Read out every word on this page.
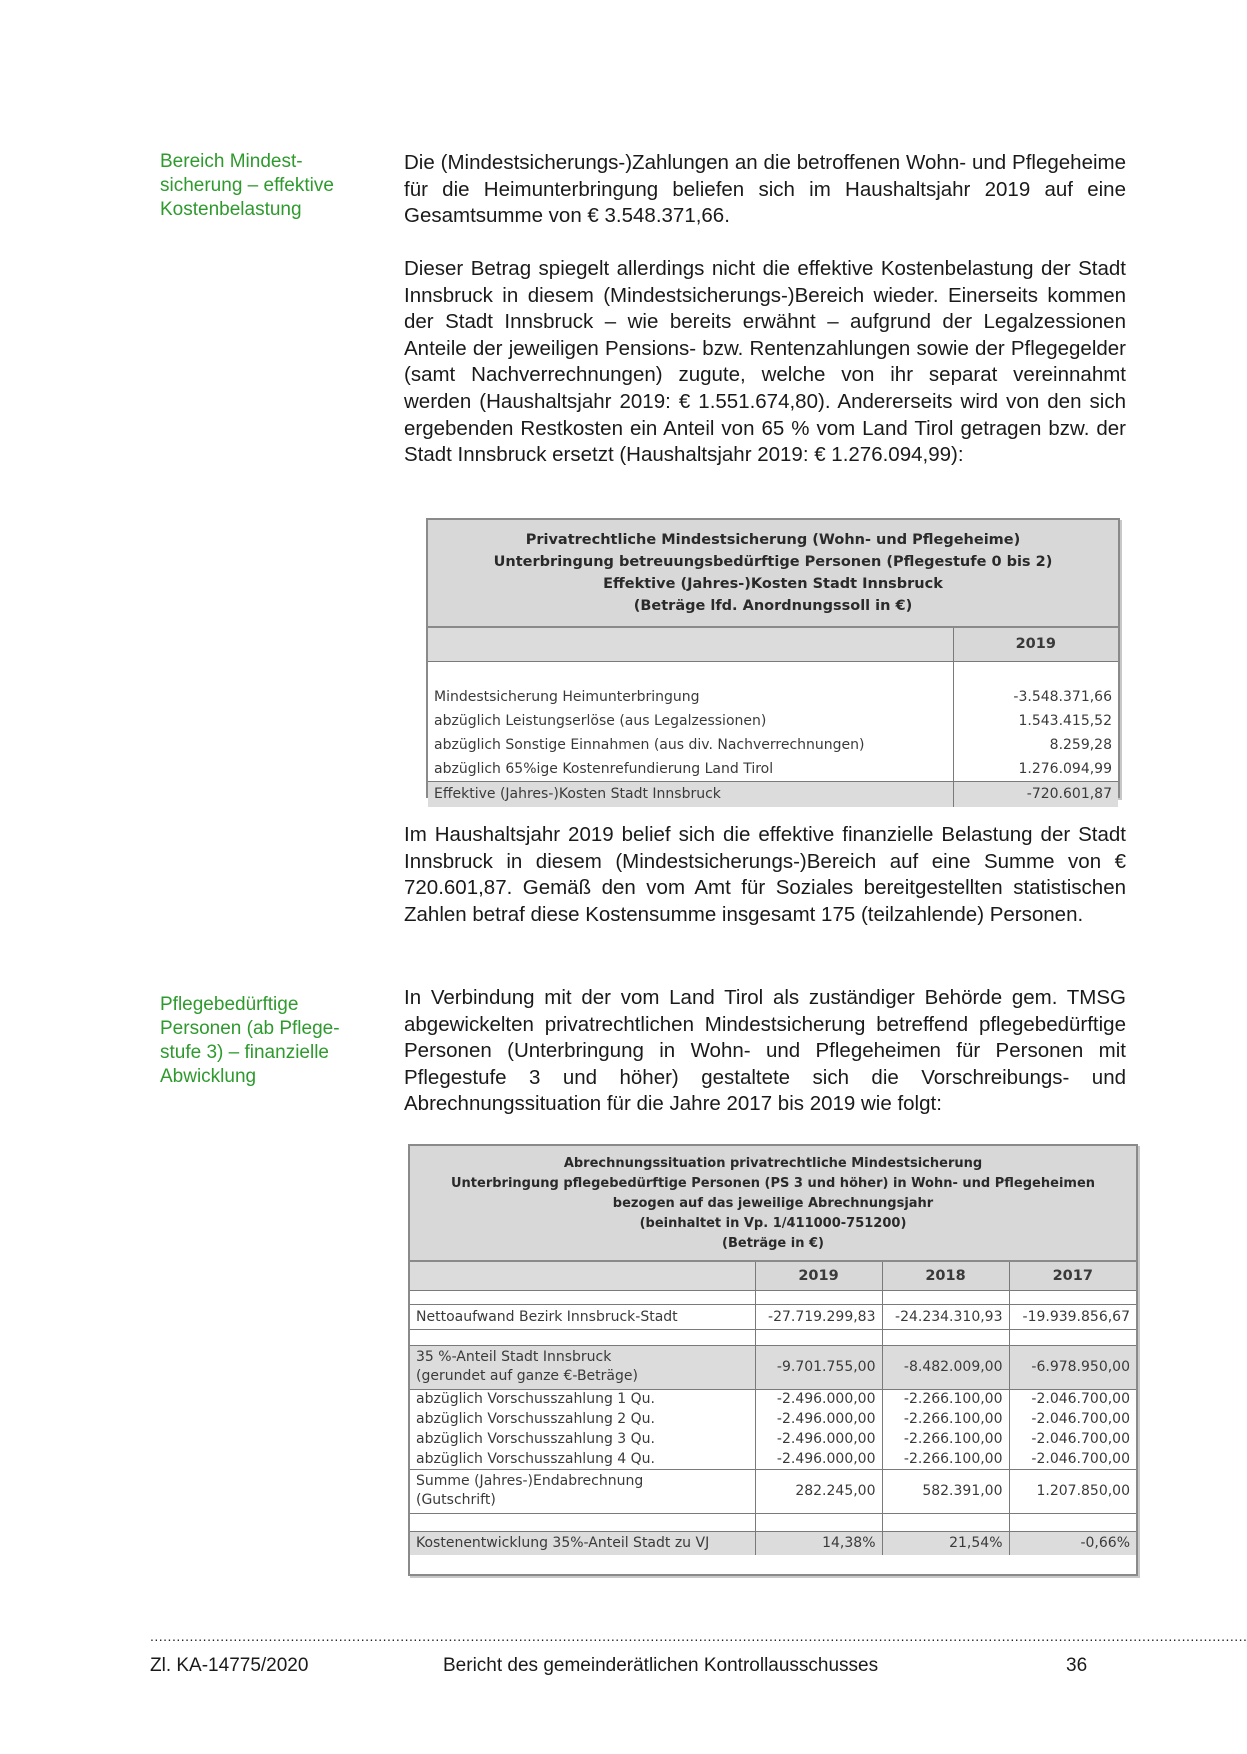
Bereich Mindest-
sicherung – effektive
Kostenbelastung
Pflegebedürftige
Personen (ab Pflege-
stufe 3) – finanzielle
Abwicklung

Die (Mindestsicherungs-)Zahlungen an die betroffenen Wohn- und Pflegeheime für die Heimunterbringung beliefen sich im Haushaltsjahr 2019 auf eine Gesamtsumme von € 3.548.371,66.

Dieser Betrag spiegelt allerdings nicht die effektive Kostenbelastung der Stadt Innsbruck in diesem (Mindestsicherungs-)Bereich wieder. Einerseits kommen der Stadt Innsbruck – wie bereits erwähnt – aufgrund der Legalzessionen Anteile der jeweiligen Pensions- bzw. Rentenzahlungen sowie der Pflegegelder (samt Nachverrechnungen) zugute, welche von ihr separat vereinnahmt werden (Haushaltsjahr 2019: € 1.551.674,80). Andererseits wird von den sich ergebenden Restkosten ein Anteil von 65 % vom Land Tirol getragen bzw. der Stadt Innsbruck ersetzt (Haushaltsjahr 2019: € 1.276.094,99):

Privatrechtliche Mindestsicherung (Wohn- und Pflegeheime)
Unterbringung betreuungsbedürftige Personen (Pflegestufe 0 bis 2)
Effektive (Jahres-)Kosten Stadt Innsbruck
(Beträge lfd. Anordnungssoll in €)
	2019

Mindestsicherung Heimunterbringung	-3.548.371,66
abzüglich Leistungserlöse (aus Legalzessionen)	1.543.415,52
abzüglich Sonstige Einnahmen (aus div. Nachverrechnungen)	8.259,28
abzüglich 65%ige Kostenrefundierung Land Tirol	1.276.094,99
Effektive (Jahres-)Kosten Stadt Innsbruck	-720.601,87

Im Haushaltsjahr 2019 belief sich die effektive finanzielle Belastung der Stadt Innsbruck in diesem (Mindestsicherungs-)Bereich auf eine Summe von € 720.601,87. Gemäß den vom Amt für Soziales bereitgestellten statistischen Zahlen betraf diese Kostensumme insgesamt 175 (teilzahlende) Personen.

In Verbindung mit der vom Land Tirol als zuständiger Behörde gem. TMSG abgewickelten privatrechtlichen Mindestsicherung betreffend pflegebedürftige Personen (Unterbringung in Wohn- und Pflegeheimen für Personen mit Pflegestufe 3 und höher) gestaltete sich die Vorschreibungs- und Abrechnungssituation für die Jahre 2017 bis 2019 wie folgt:

Abrechnungssituation privatrechtliche Mindestsicherung
Unterbringung pflegebedürftige Personen (PS 3 und höher) in Wohn- und Pflegeheimen
bezogen auf das jeweilige Abrechnungsjahr
(beinhaltet in Vp. 1/411000-751200)
(Beträge in €)
	2019	2018	2017

Nettoaufwand Bezirk Innsbruck-Stadt	-27.719.299,83	-24.234.310,93	-19.939.856,67

35 %-Anteil Stadt Innsbruck
(gerundet auf ganze €-Beträge)	-9.701.755,00	-8.482.009,00	-6.978.950,00
abzüglich Vorschusszahlung 1 Qu.	-2.496.000,00	-2.266.100,00	-2.046.700,00
abzüglich Vorschusszahlung 2 Qu.	-2.496.000,00	-2.266.100,00	-2.046.700,00
abzüglich Vorschusszahlung 3 Qu.	-2.496.000,00	-2.266.100,00	-2.046.700,00
abzüglich Vorschusszahlung 4 Qu.	-2.496.000,00	-2.266.100,00	-2.046.700,00

Summe (Jahres-)Endabrechnung
(Gutschrift)	282.245,00	582.391,00	1.207.850,00

Kostenentwicklung 35%-Anteil Stadt zu VJ	14,38%	21,54%	-0,66%
..........................................................................................................................................................................................................................................................
Zl. KA-14775/2020	Bericht des gemeinderätlichen Kontrollausschusses	36
